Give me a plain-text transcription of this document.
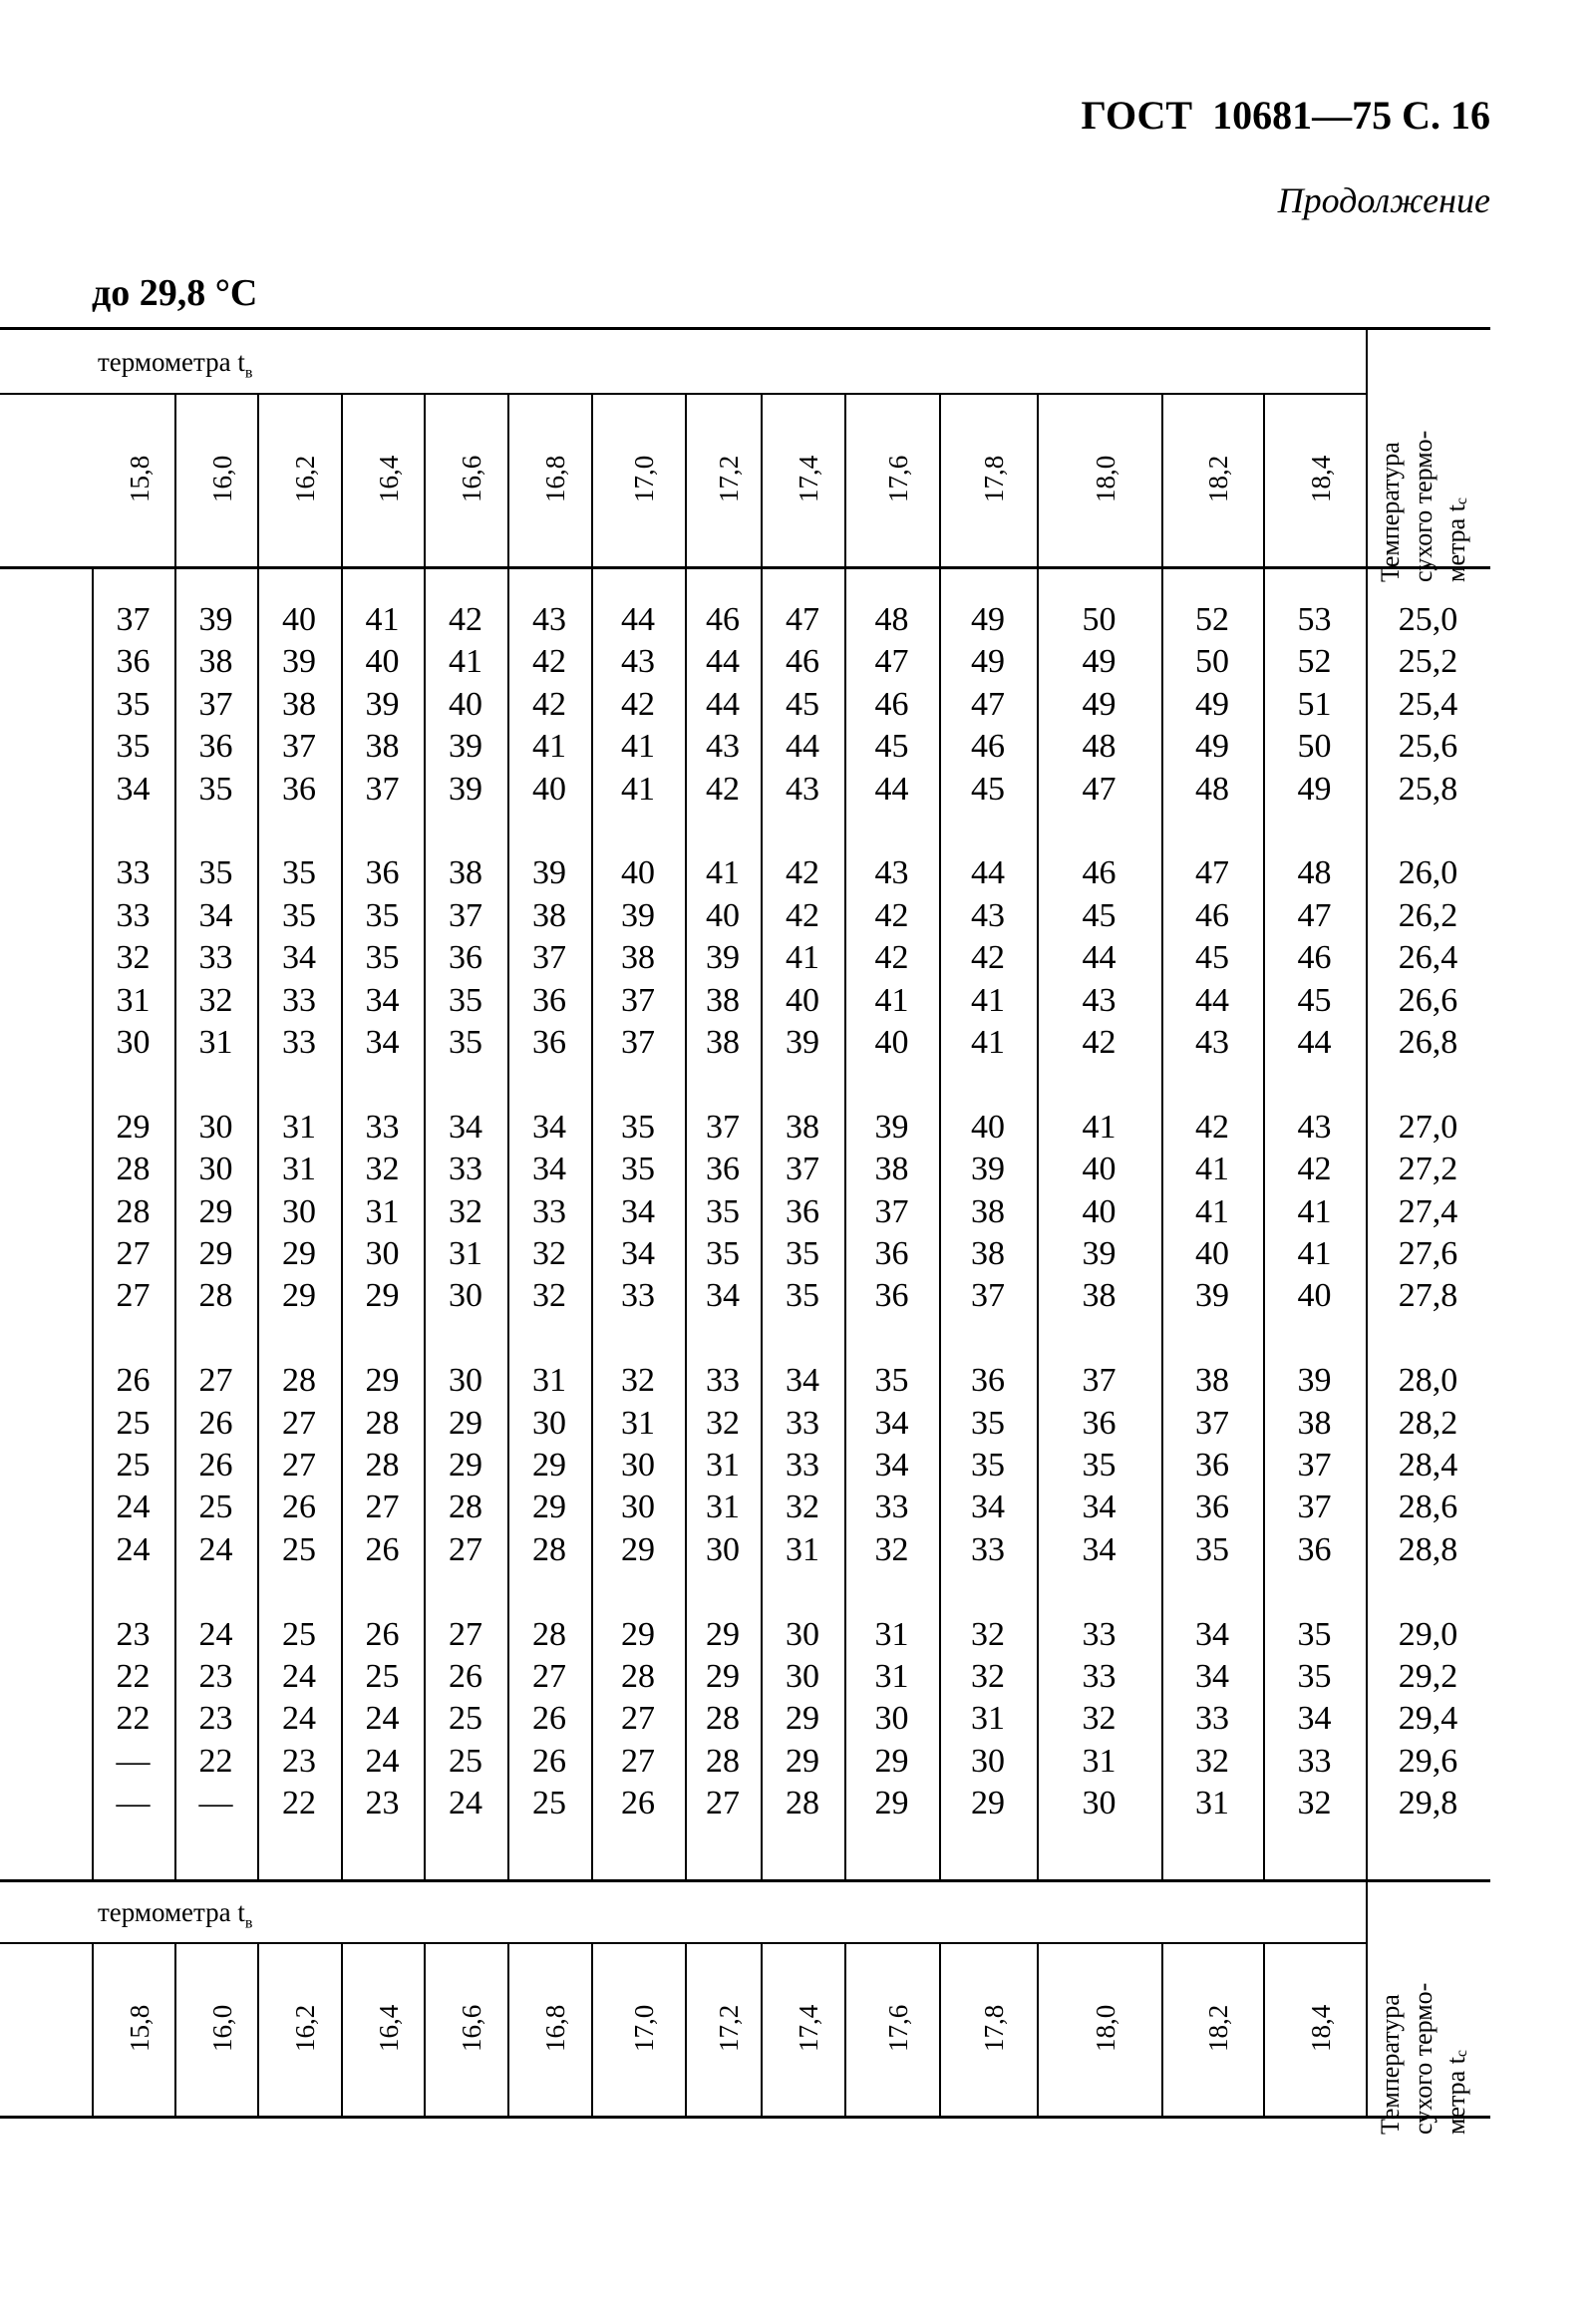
ГОСТ  10681—75 С. 16
Продолжение
до 29,8 °С
термометра $t_в$
15,8	16,0	16,2	16,4	16,6	16,8	17,0	17,2	17,4	17,6	17,8	18,0	18,2	18,4 Температура сухого термо-метра $t_с$
термометра $t_в$
15,8	16,0	16,2	16,4	16,6	16,8	17,0	17,2	17,4	17,6	17,8	18,0	18,2	18,4 Температура сухого термо-метра $t_с$
37	39	40	41	42	43	44	46	47	48	49	50	52	53	25,0
36	38	39	40	41	42	43	44	46	47	49	49	50	52	25,2
35	37	38	39	40	42	42	44	45	46	47	49	49	51	25,4
35	36	37	38	39	41	41	43	44	45	46	48	49	50	25,6
34	35	36	37	39	40	41	42	43	44	45	47	48	49	25,8
33	35	35	36	38	39	40	41	42	43	44	46	47	48	26,0
33	34	35	35	37	38	39	40	42	42	43	45	46	47	26,2
32	33	34	35	36	37	38	39	41	42	42	44	45	46	26,4
31	32	33	34	35	36	37	38	40	41	41	43	44	45	26,6
30	31	33	34	35	36	37	38	39	40	41	42	43	44	26,8
29	30	31	33	34	34	35	37	38	39	40	41	42	43	27,0
28	30	31	32	33	34	35	36	37	38	39	40	41	42	27,2
28	29	30	31	32	33	34	35	36	37	38	40	41	41	27,4
27	29	29	30	31	32	34	35	35	36	38	39	40	41	27,6
27	28	29	29	30	32	33	34	35	36	37	38	39	40	27,8
26	27	28	29	30	31	32	33	34	35	36	37	38	39	28,0
25	26	27	28	29	30	31	32	33	34	35	36	37	38	28,2
25	26	27	28	29	29	30	31	33	34	35	35	36	37	28,4
24	25	26	27	28	29	30	31	32	33	34	34	36	37	28,6
24	24	25	26	27	28	29	30	31	32	33	34	35	36	28,8
23	24	25	26	27	28	29	29	30	31	32	33	34	35	29,0
22	23	24	25	26	27	28	29	30	31	32	33	34	35	29,2
22	23	24	24	25	26	27	28	29	30	31	32	33	34	29,4
—	22	23	24	25	26	27	28	29	29	30	31	32	33	29,6
—	—	22	23	24	25	26	27	28	29	29	30	31	32	29,8
